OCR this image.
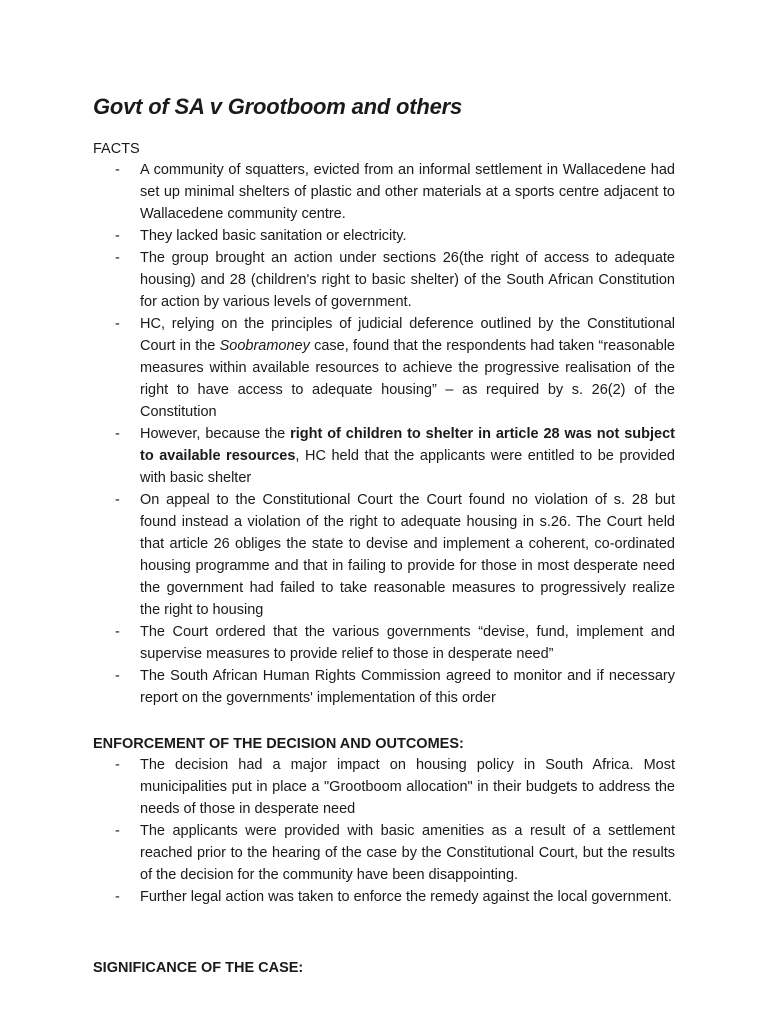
Govt of SA v Grootboom and others
FACTS
- A community of squatters, evicted from an informal settlement in Wallacedene had set up minimal shelters of plastic and other materials at a sports centre adjacent to Wallacedene community centre.
- They lacked basic sanitation or electricity.
- The group brought an action under sections 26(the right of access to adequate housing) and 28 (children's right to basic shelter) of the South African Constitution for action by various levels of government.
- HC, relying on the principles of judicial deference outlined by the Constitutional Court in the Soobramoney case, found that the respondents had taken “reasonable measures within available resources to achieve the progressive realisation of the right to have access to adequate housing” – as required by s. 26(2) of the Constitution
- However, because the right of children to shelter in article 28 was not subject to available resources, HC held that the applicants were entitled to be provided with basic shelter
- On appeal to the Constitutional Court the Court found no violation of s. 28 but found instead a violation of the right to adequate housing in s.26. The Court held that article 26 obliges the state to devise and implement a coherent, co-ordinated housing programme and that in failing to provide for those in most desperate need the government had failed to take reasonable measures to progressively realize the right to housing
- The Court ordered that the various governments “devise, fund, implement and supervise measures to provide relief to those in desperate need”
- The South African Human Rights Commission agreed to monitor and if necessary report on the governments' implementation of this order
ENFORCEMENT OF THE DECISION AND OUTCOMES:
- The decision had a major impact on housing policy in South Africa. Most municipalities put in place a "Grootboom allocation" in their budgets to address the needs of those in desperate need
- The applicants were provided with basic amenities as a result of a settlement reached prior to the hearing of the case by the Constitutional Court, but the results of the decision for the community have been disappointing.
- Further legal action was taken to enforce the remedy against the local government.
SIGNIFICANCE OF THE CASE:
